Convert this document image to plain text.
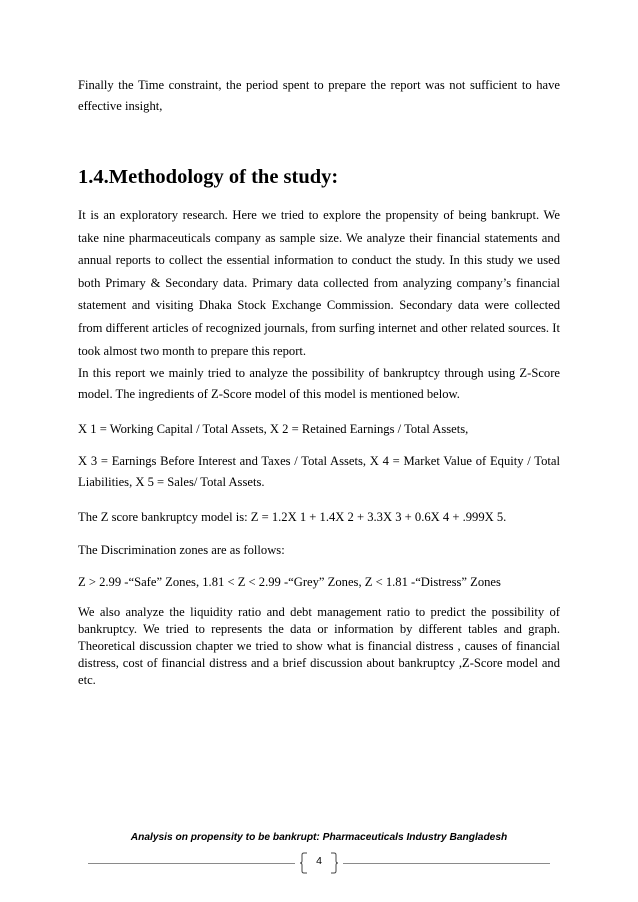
Finally the Time constraint, the period spent to prepare the report was not sufficient to have effective insight,

1.4.Methodology of the study:

It is an exploratory research. Here we tried to explore the propensity of being bankrupt. We take nine pharmaceuticals company as sample size. We analyze their financial statements and annual reports to collect the essential information to conduct the study. In this study we used both Primary & Secondary data. Primary data collected from analyzing company’s financial statement and visiting Dhaka Stock Exchange Commission. Secondary data were collected from different articles of recognized journals, from surfing internet and other related sources. It took almost two month to prepare this report.

In this report we mainly tried to analyze the possibility of bankruptcy through using Z-Score model. The ingredients of Z-Score model of this model is mentioned below.

X 1 = Working Capital / Total Assets, X 2 = Retained Earnings / Total Assets,

X 3 = Earnings Before Interest and Taxes / Total Assets, X 4 = Market Value of Equity / Total Liabilities, X 5 = Sales/ Total Assets.

The Z score bankruptcy model is: Z = 1.2X 1 + 1.4X 2 + 3.3X 3 + 0.6X 4 + .999X 5.

The Discrimination zones are as follows:

Z > 2.99 -“Safe” Zones, 1.81 < Z < 2.99 -“Grey” Zones, Z < 1.81 -“Distress” Zones

We also analyze the liquidity ratio and debt management ratio to predict the possibility of bankruptcy. We tried to represents the data or information by different tables and graph. Theoretical discussion chapter we tried to show what is financial distress , causes of financial distress, cost of financial distress and a brief discussion about bankruptcy ,Z-Score model and etc.

Analysis on propensity to be bankrupt: Pharmaceuticals Industry Bangladesh
4
